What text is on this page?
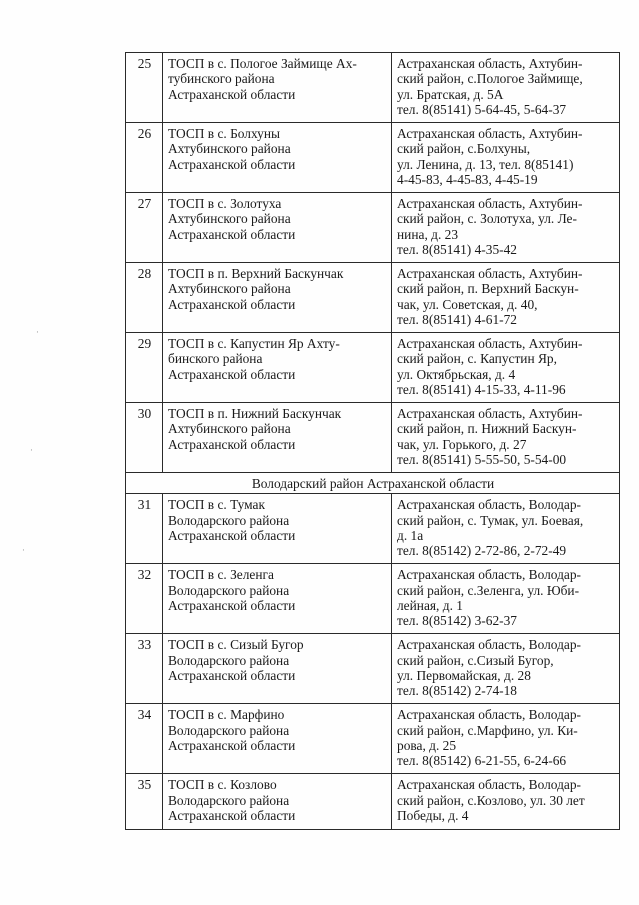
·
·
·
25	ТОСП в с. Пологое Займище Ах-
тубинского района
Астраханской области	Астраханская область, Ахтубин-
ский район, с.Пологое Займище,
ул. Братская, д. 5А
тел. 8(85141) 5-64-45, 5-64-37
26	ТОСП в с. Болхуны
Ахтубинского района
Астраханской области	Астраханская область, Ахтубин-
ский район, с.Болхуны,
ул. Ленина, д. 13, тел. 8(85141)
4-45-83, 4-45-83, 4-45-19
27	ТОСП в с. Золотуха
Ахтубинского района
Астраханской области	Астраханская область, Ахтубин-
ский район, с. Золотуха, ул. Ле-
нина, д. 23
тел. 8(85141) 4-35-42
28	ТОСП в п. Верхний Баскунчак
Ахтубинского района
Астраханской области	Астраханская область, Ахтубин-
ский район, п. Верхний Баскун-
чак, ул. Советская, д. 40,
тел. 8(85141) 4-61-72
29	ТОСП в с. Капустин Яр Ахту-
бинского района
Астраханской области	Астраханская область, Ахтубин-
ский район, с. Капустин Яр,
ул. Октябрьская, д. 4
тел. 8(85141) 4-15-33, 4-11-96
30	ТОСП в п. Нижний Баскунчак
Ахтубинского района
Астраханской области	Астраханская область, Ахтубин-
ский район, п. Нижний Баскун-
чак, ул. Горького, д. 27
тел. 8(85141) 5-55-50, 5-54-00
Володарский район Астраханской области		
31	ТОСП в с. Тумак
Володарского района
Астраханской области	Астраханская область, Володар-
ский район, с. Тумак, ул. Боевая,
д. 1а
тел. 8(85142) 2-72-86, 2-72-49
32	ТОСП в с. Зеленга
Володарского района
Астраханской области	Астраханская область, Володар-
ский район, с.Зеленга, ул. Юби-
лейная, д. 1
тел. 8(85142) 3-62-37
33	ТОСП в с. Сизый Бугор
Володарского района
Астраханской области	Астраханская область, Володар-
ский район, с.Сизый Бугор,
ул. Первомайская, д. 28
тел. 8(85142) 2-74-18
34	ТОСП в с. Марфино
Володарского района
Астраханской области	Астраханская область, Володар-
ский район, с.Марфино, ул. Ки-
рова, д. 25
тел. 8(85142) 6-21-55, 6-24-66
35	ТОСП в с. Козлово
Володарского района
Астраханской области	Астраханская область, Володар-
ский район, с.Козлово, ул. 30 лет
Победы, д. 4
